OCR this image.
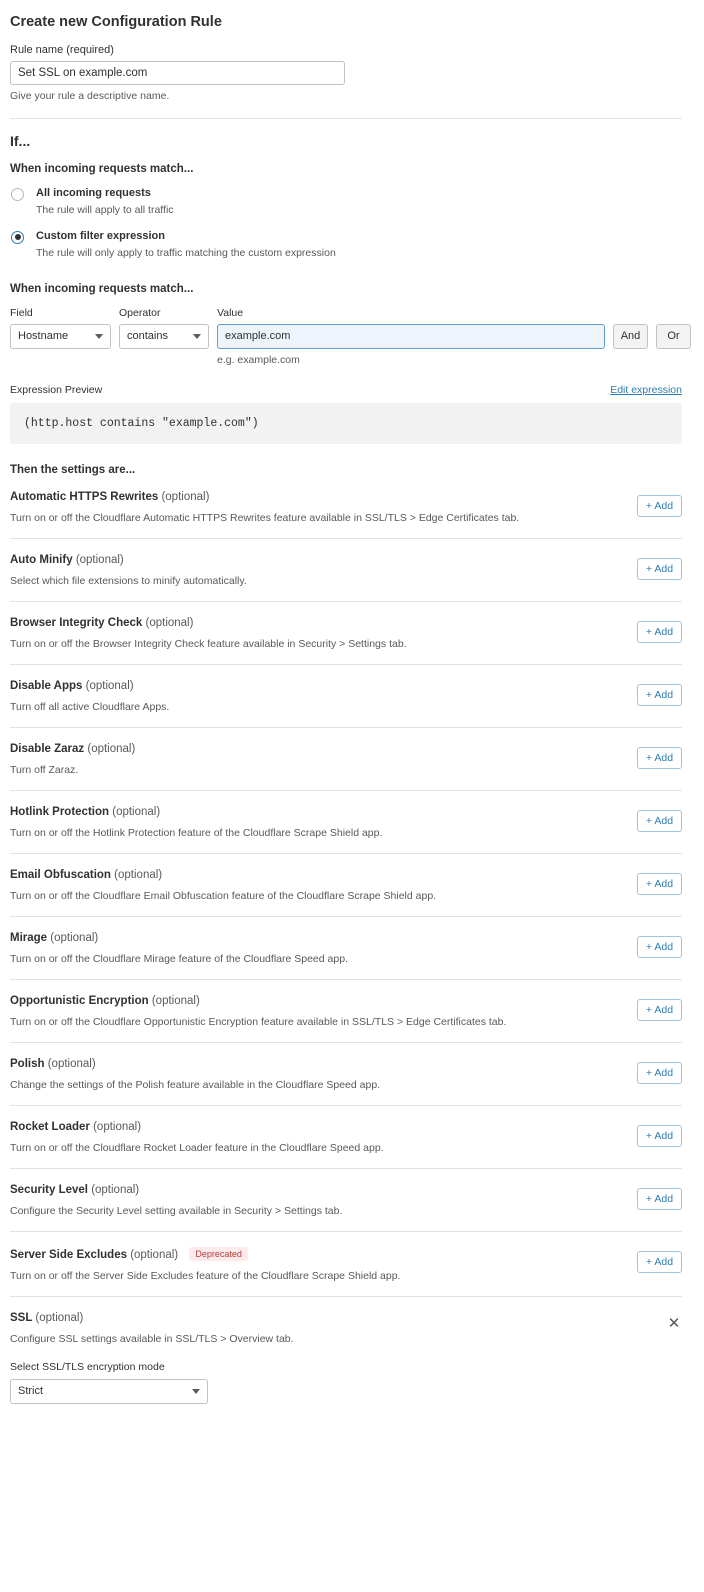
Create new Configuration Rule
Rule name (required)
Set SSL on example.com
Give your rule a descriptive name.
If...
When incoming requests match...
All incoming requests
The rule will apply to all traffic
Custom filter expression
The rule will only apply to traffic matching the custom expression
When incoming requests match...
Field
Hostname
Operator
contains
Value
example.com
e.g. example.com
And	Or
Expression Preview	Edit expression
(http.host contains "example.com")
Then the settings are...
Automatic HTTPS Rewrites (optional)
Turn on or off the Cloudflare Automatic HTTPS Rewrites feature available in SSL/TLS > Edge Certificates tab.
+ Add
Auto Minify (optional)
Select which file extensions to minify automatically.
+ Add
Browser Integrity Check (optional)
Turn on or off the Browser Integrity Check feature available in Security > Settings tab.
+ Add
Disable Apps (optional)
Turn off all active Cloudflare Apps.
+ Add
Disable Zaraz (optional)
Turn off Zaraz.
+ Add
Hotlink Protection (optional)
Turn on or off the Hotlink Protection feature of the Cloudflare Scrape Shield app.
+ Add
Email Obfuscation (optional)
Turn on or off the Cloudflare Email Obfuscation feature of the Cloudflare Scrape Shield app.
+ Add
Mirage (optional)
Turn on or off the Cloudflare Mirage feature of the Cloudflare Speed app.
+ Add
Opportunistic Encryption (optional)
Turn on or off the Cloudflare Opportunistic Encryption feature available in SSL/TLS > Edge Certificates tab.
+ Add
Polish (optional)
Change the settings of the Polish feature available in the Cloudflare Speed app.
+ Add
Rocket Loader (optional)
Turn on or off the Cloudflare Rocket Loader feature in the Cloudflare Speed app.
+ Add
Security Level (optional)
Configure the Security Level setting available in Security > Settings tab.
+ Add
Server Side Excludes (optional) Deprecated
Turn on or off the Server Side Excludes feature of the Cloudflare Scrape Shield app.
+ Add
SSL (optional)
Configure SSL settings available in SSL/TLS > Overview tab.
Select SSL/TLS encryption mode
Strict
✕
